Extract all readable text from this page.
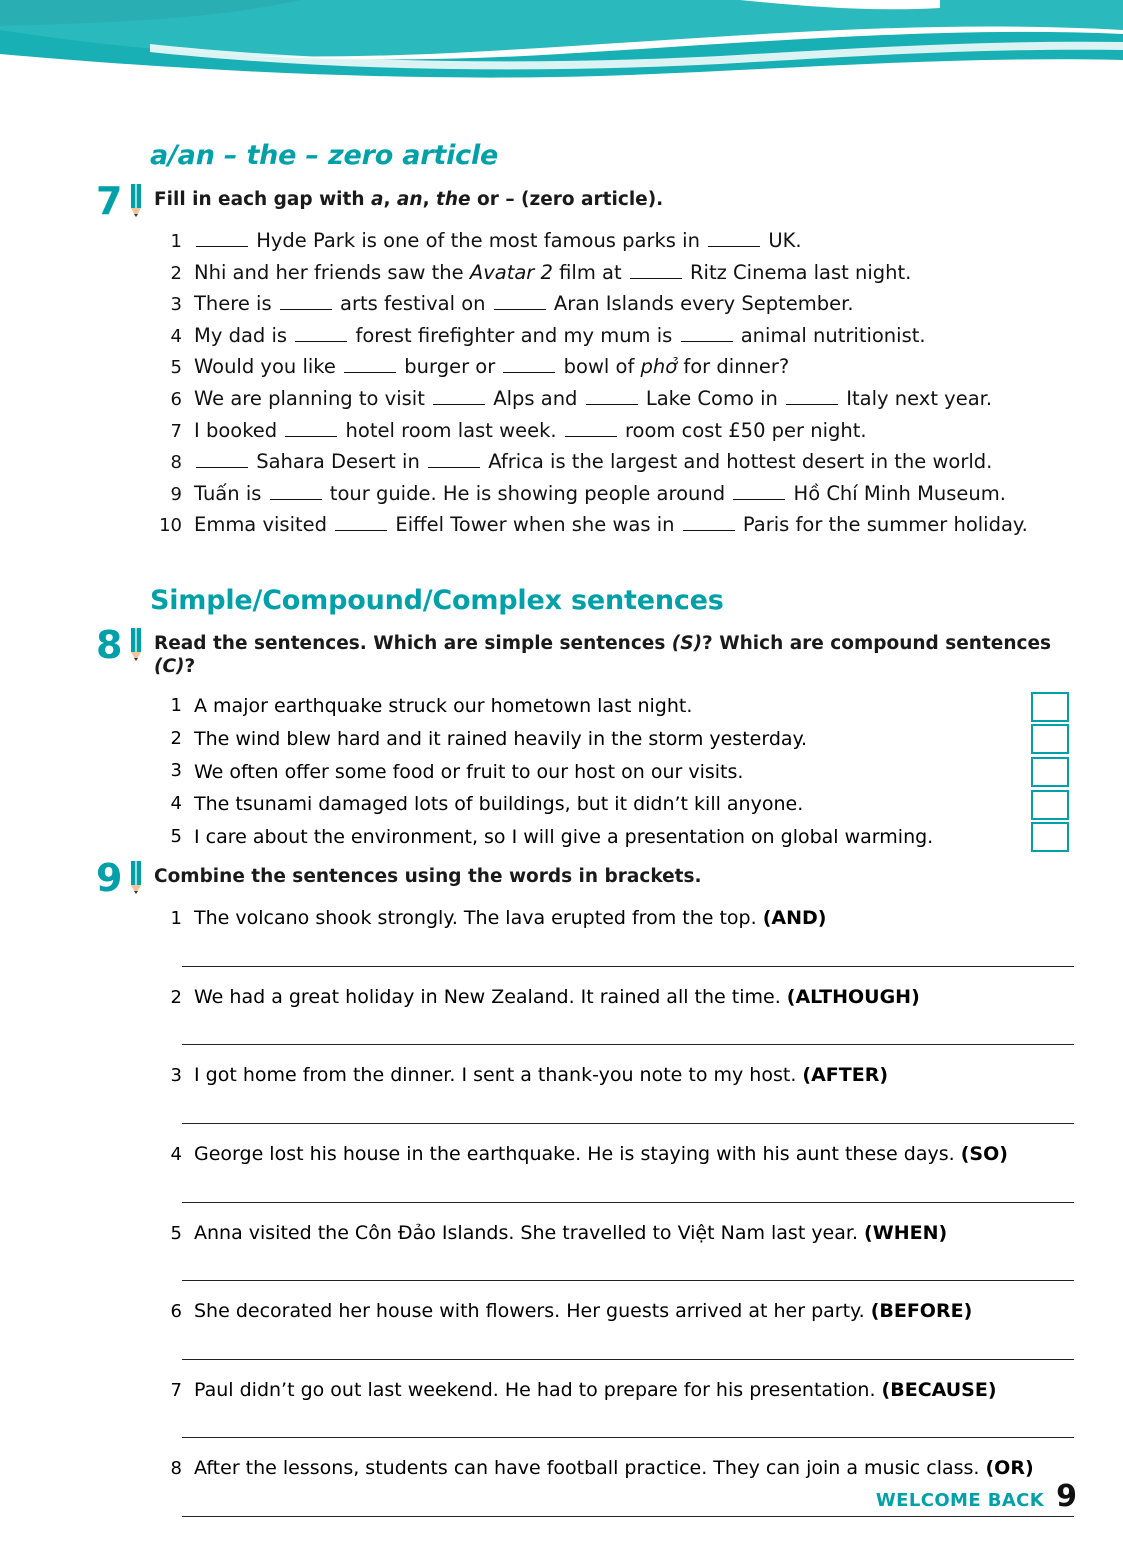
a/an – the – zero article
7	Fill in each gap with a, an, the or – (zero article).
1	Hyde Park is one of the most famous parks in	UK.
2 Nhi and her friends saw the Avatar 2 film at	Ritz Cinema last night.
3 There is	arts festival on	Aran Islands every September.
4 My dad is	forest firefighter and my mum is	animal nutritionist.
5 Would you like	burger or	bowl of phở for dinner?
6 We are planning to visit	Alps and	Lake Como in	Italy next year.
7 I booked	hotel room last week.	room cost £50 per night.
8	Sahara Desert in	Africa is the largest and hottest desert in the world.
9 Tuấn is	tour guide. He is showing people around	Hồ Chí Minh Museum.
10 Emma visited	Eiffel Tower when she was in	Paris for the summer holiday.
Simple/Compound/Complex sentences
8	Read the sentences. Which are simple sentences (S)? Which are compound sentences (C)?
1 A major earthquake struck our hometown last night.
2 The wind blew hard and it rained heavily in the storm yesterday.
3 We often offer some food or fruit to our host on our visits.
4 The tsunami damaged lots of buildings, but it didn’t kill anyone.
5 I care about the environment, so I will give a presentation on global warming.
9	Combine the sentences using the words in brackets.
1 The volcano shook strongly. The lava erupted from the top. (AND)
2 We had a great holiday in New Zealand. It rained all the time. (ALTHOUGH)
3 I got home from the dinner. I sent a thank-you note to my host. (AFTER)
4 George lost his house in the earthquake. He is staying with his aunt these days. (SO)
5 Anna visited the Côn Đảo Islands. She travelled to Việt Nam last year. (WHEN)
6 She decorated her house with flowers. Her guests arrived at her party. (BEFORE)
7 Paul didn’t go out last weekend. He had to prepare for his presentation. (BECAUSE)
8 After the lessons, students can have football practice. They can join a music class. (OR)
WELCOME BACK 9
